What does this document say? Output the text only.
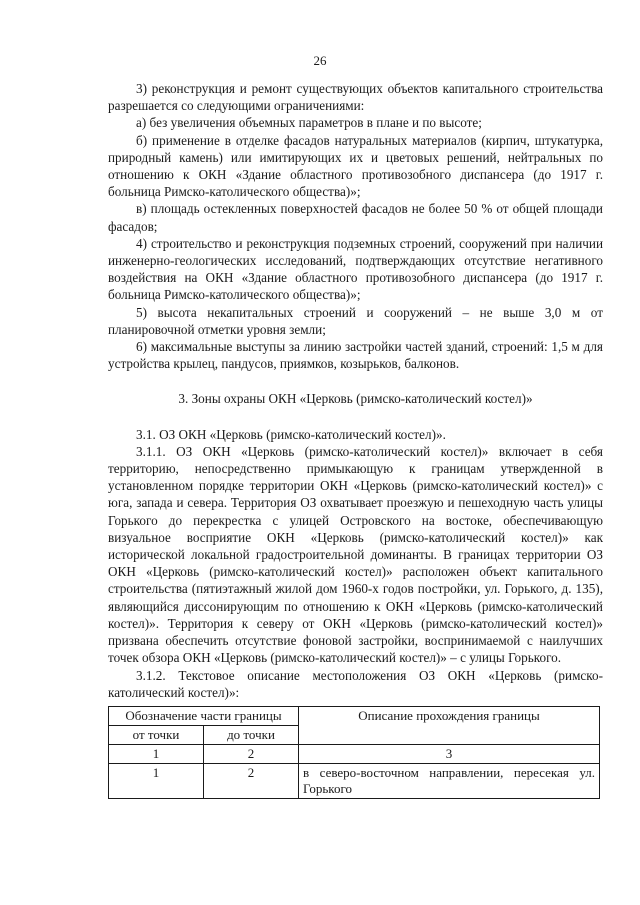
26

3) реконструкция и ремонт существующих объектов капитального строительства разрешается со следующими ограничениями:

а) без увеличения объемных параметров в плане и по высоте;

б) применение в отделке фасадов натуральных материалов (кирпич, штукатурка, природный камень) или имитирующих их и цветовых решений, нейтральных по отношению к ОКН «Здание областного противозобного диспансера (до 1917 г. больница Римско-католического общества)»;

в) площадь остекленных поверхностей фасадов не более 50 % от общей площади фасадов;

4) строительство и реконструкция подземных строений, сооружений при наличии инженерно-геологических исследований, подтверждающих отсутствие негативного воздействия на ОКН «Здание областного противозобного диспансера (до 1917 г. больница Римско-католического общества)»;

5) высота некапитальных строений и сооружений – не выше 3,0 м от планировочной отметки уровня земли;

6) максимальные выступы за линию застройки частей зданий, строений: 1,5 м для устройства крылец, пандусов, приямков, козырьков, балконов.

3. Зоны охраны ОКН «Церковь (римско-католический костел)»

3.1. ОЗ ОКН «Церковь (римско-католический костел)».

3.1.1. ОЗ ОКН «Церковь (римско-католический костел)» включает в себя территорию, непосредственно примыкающую к границам утвержденной в установленном порядке территории ОКН «Церковь (римско-католический костел)» с юга, запада и севера. Территория ОЗ охватывает проезжую и пешеходную часть улицы Горького до перекрестка с улицей Островского на востоке, обеспечивающую визуальное восприятие ОКН «Церковь (римско-католический костел)» как исторической локальной градостроительной доминанты. В границах территории ОЗ ОКН «Церковь (римско-католический костел)» расположен объект капитального строительства (пятиэтажный жилой дом 1960-х годов постройки, ул. Горького, д. 135), являющийся диссонирующим по отношению к ОКН «Церковь (римско-католический костел)». Территория к северу от ОКН «Церковь (римско-католический костел)» призвана обеспечить отсутствие фоновой застройки, воспринимаемой с наилучших точек обзора ОКН «Церковь (римско-католический костел)» – с улицы Горького.

3.1.2. Текстовое описание местоположения ОЗ ОКН «Церковь (римско-католический костел)»:

Обозначение части границы		Описание прохождения границы
от точки	до точки	
1	2	3
1	2	в северо-восточном направлении, пересекая ул. Горького
